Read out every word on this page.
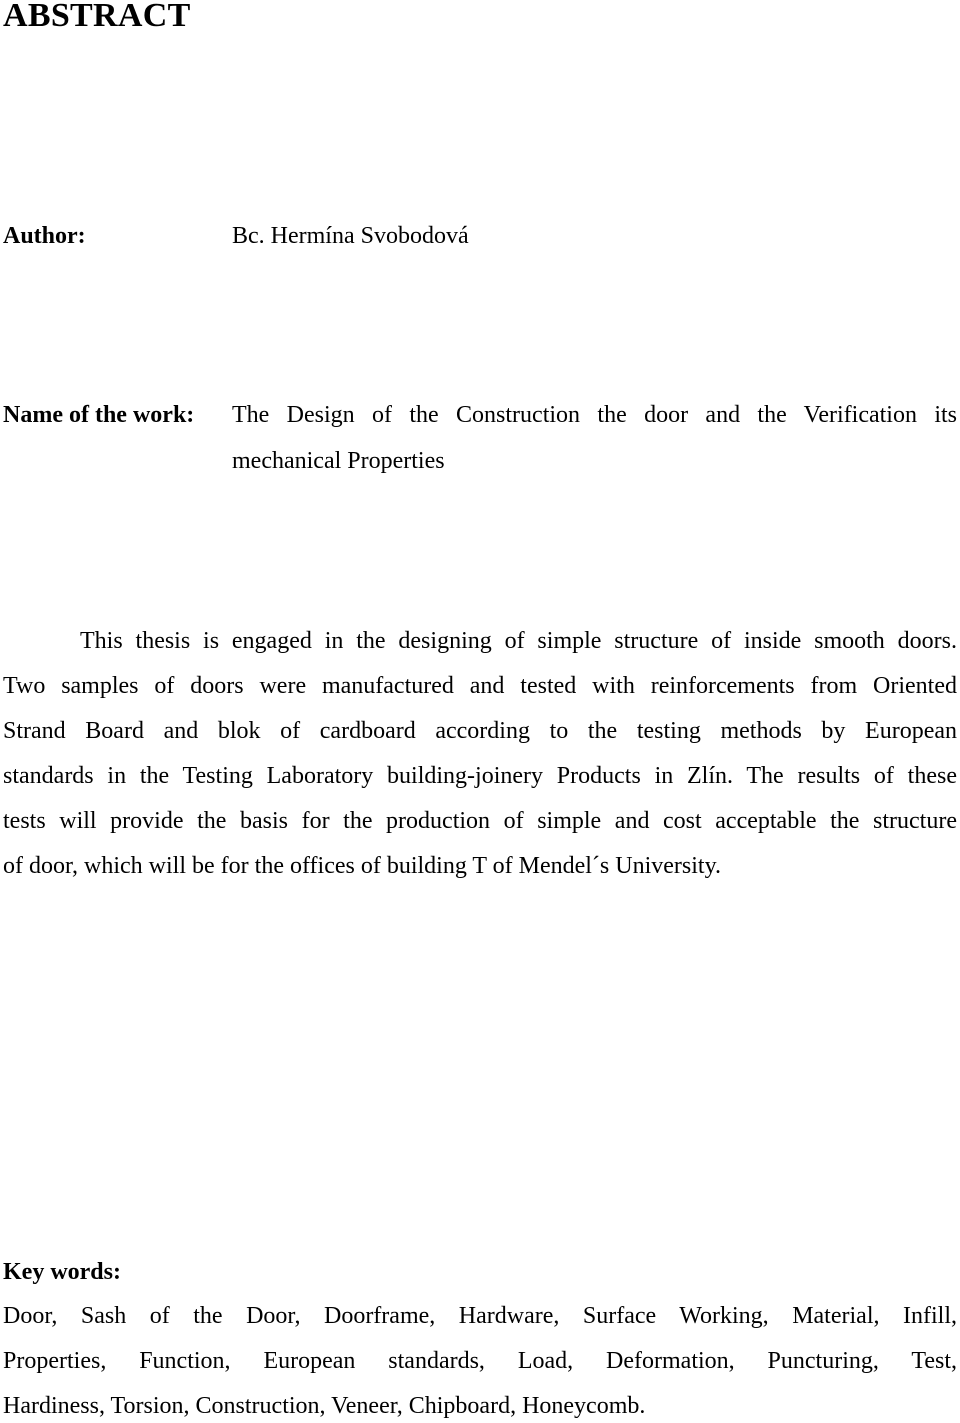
ABSTRACT
Author:	Bc. Hermína Svobodová
Name of the work: The Design of the Construction the door and the Verification its
mechanical Properties
This thesis is engaged in the designing of simple structure of inside smooth doors.
Two samples of doors were manufactured and tested with reinforcements from Oriented
Strand Board and blok of cardboard according to the testing methods by European
standards in the Testing Laboratory building-joinery Products in Zlín. The results of these
tests will provide the basis for the production of simple and cost acceptable the structure
of door, which will be for the offices of building T of Mendel´s University.
Key words:
Door, Sash of the Door, Doorframe, Hardware, Surface Working, Material, Infill,
Properties, Function, European standards, Load, Deformation, Puncturing, Test,
Hardiness, Torsion, Construction, Veneer, Chipboard, Honeycomb.
